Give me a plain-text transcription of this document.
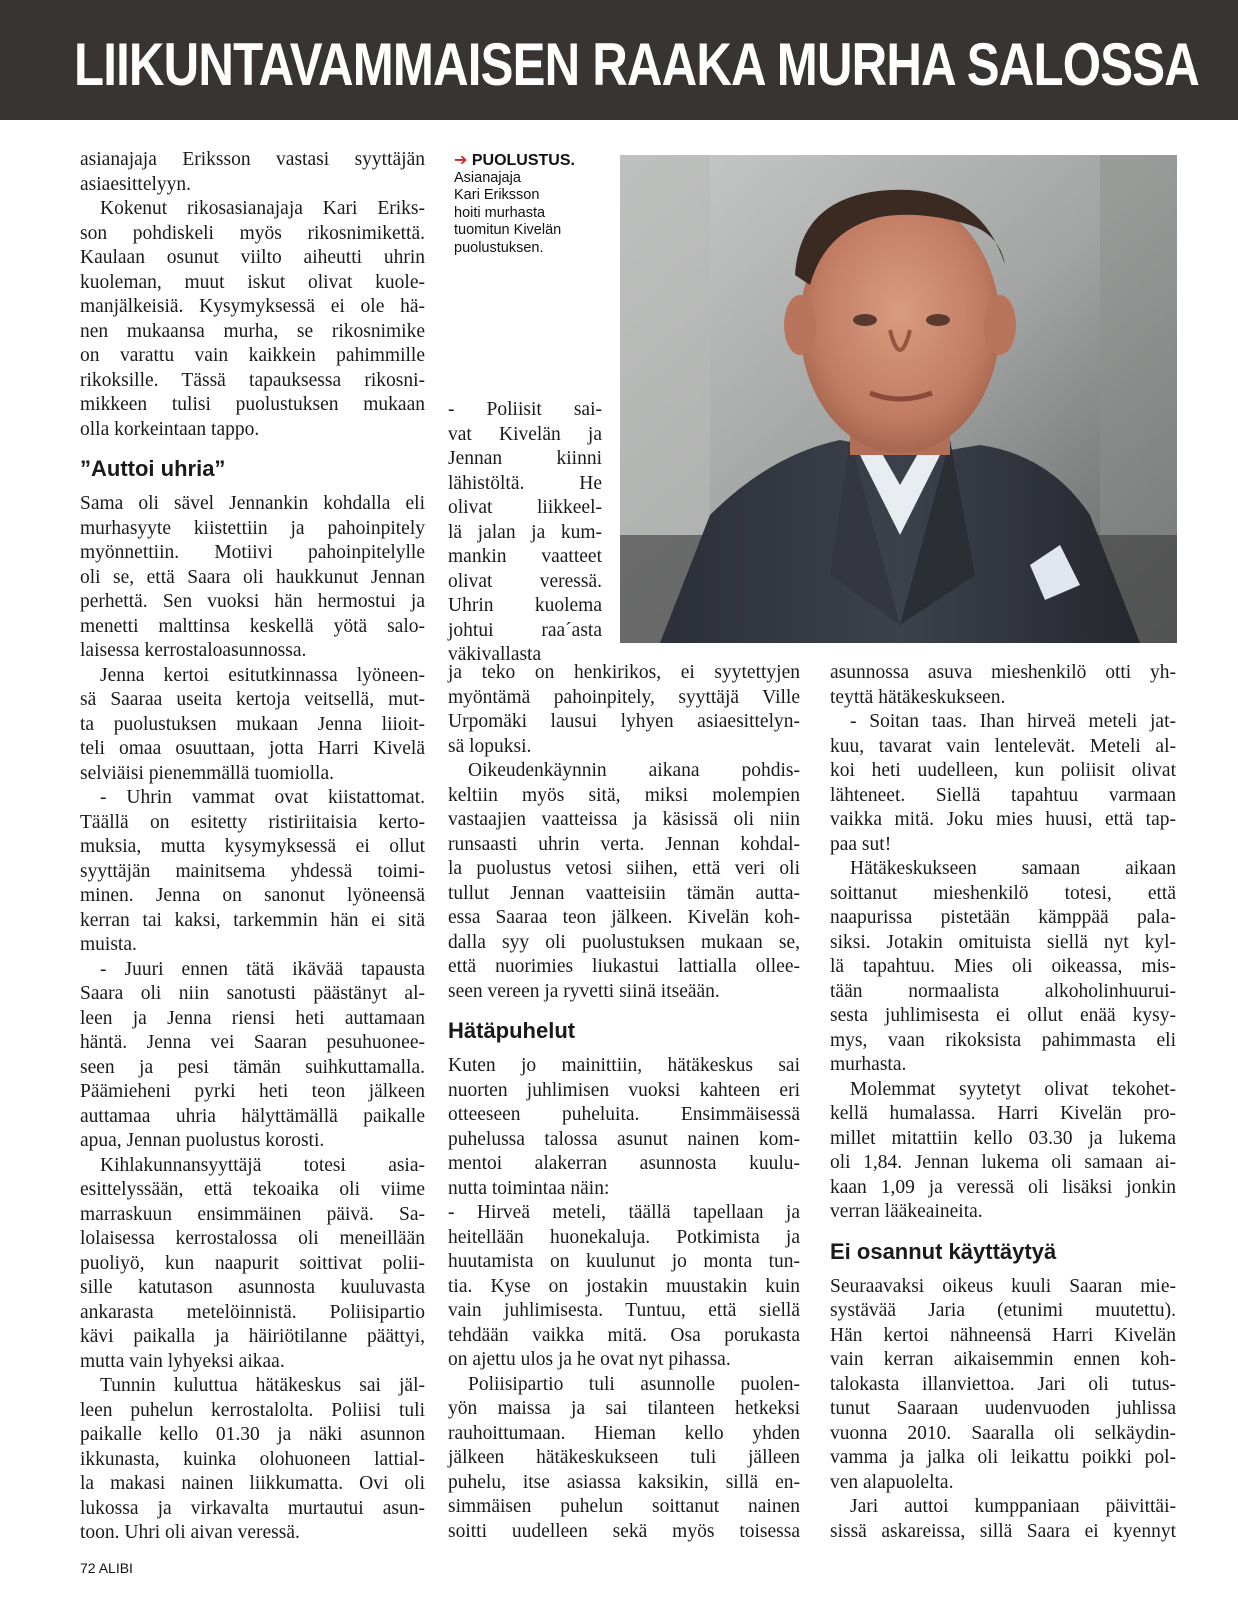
LIIKUNTAVAMMAISEN RAAKA MURHA SALOSSA
asianajaja Eriksson vastasi syyttäjän
asiaesittelyyn.
Kokenut rikosasianajaja Kari Eriks-
son pohdiskeli myös rikosnimikettä.
Kaulaan osunut viilto aiheutti uhrin
kuoleman, muut iskut olivat kuole-
manjälkeisiä. Kysymyksessä ei ole hä-
nen mukaansa murha, se rikosnimike
on varattu vain kaikkein pahimmille
rikoksille. Tässä tapauksessa rikosni-
mikkeen tulisi puolustuksen mukaan
olla korkeintaan tappo.
”Auttoi uhria”
Sama oli sävel Jennankin kohdalla eli
murhasyyte kiistettiin ja pahoinpitely
myönnettiin. Motiivi pahoinpitelylle
oli se, että Saara oli haukkunut Jennan
perhettä. Sen vuoksi hän hermostui ja
menetti malttinsa keskellä yötä salo-
laisessa kerrostaloasunnossa.
Jenna kertoi esitutkinnassa lyöneen-
sä Saaraa useita kertoja veitsellä, mut-
ta puolustuksen mukaan Jenna liioit-
teli omaa osuuttaan, jotta Harri Kivelä
selviäisi pienemmällä tuomiolla.
- Uhrin vammat ovat kiistattomat.
Täällä on esitetty ristiriitaisia kerto-
muksia, mutta kysymyksessä ei ollut
syyttäjän mainitsema yhdessä toimi-
minen. Jenna on sanonut lyöneensä
kerran tai kaksi, tarkemmin hän ei sitä
muista.
- Juuri ennen tätä ikävää tapausta
Saara oli niin sanotusti päästänyt al-
leen ja Jenna riensi heti auttamaan
häntä. Jenna vei Saaran pesuhuonee-
seen ja pesi tämän suihkuttamalla.
Päämieheni pyrki heti teon jälkeen
auttamaa uhria hälyttämällä paikalle
apua, Jennan puolustus korosti.
Kihlakunnansyyttäjä totesi asia-
esittelyssään, että tekoaika oli viime
marraskuun ensimmäinen päivä. Sa-
lolaisessa kerrostalossa oli meneillään
puoliyö, kun naapurit soittivat polii-
sille katutason asunnosta kuuluvasta
ankarasta metelöinnistä. Poliisipartio
kävi paikalla ja häiriötilanne päättyi,
mutta vain lyhyeksi aikaa.
Tunnin kuluttua hätäkeskus sai jäl-
leen puhelun kerrostalolta. Poliisi tuli
paikalle kello 01.30 ja näki asunnon
ikkunasta, kuinka olohuoneen lattial-
la makasi nainen liikkumatta. Ovi oli
lukossa ja virkavalta murtautui asun-
toon. Uhri oli aivan veressä.
➔ PUOLUSTUS.
Asianajaja
Kari Eriksson
hoiti murhasta
tuomitun Kivelän
puolustuksen.
- Poliisit sai-
vat Kivelän ja
Jennan kiinni
lähistöltä. He
olivat liikkeel-
lä jalan ja kum-
mankin vaatteet
olivat veressä.
Uhrin kuolema
johtui raa´asta
väkivallasta
ja teko on henkirikos, ei syytettyjen
myöntämä pahoinpitely, syyttäjä Ville
Urpomäki lausui lyhyen asiaesittelyn-
sä lopuksi.
Oikeudenkäynnin aikana pohdis-
keltiin myös sitä, miksi molempien
vastaajien vaatteissa ja käsissä oli niin
runsaasti uhrin verta. Jennan kohdal-
la puolustus vetosi siihen, että veri oli
tullut Jennan vaatteisiin tämän autta-
essa Saaraa teon jälkeen. Kivelän koh-
dalla syy oli puolustuksen mukaan se,
että nuorimies liukastui lattialla ollee-
seen vereen ja ryvetti siinä itseään.
Hätäpuhelut
Kuten jo mainittiin, hätäkeskus sai
nuorten juhlimisen vuoksi kahteen eri
otteeseen puheluita. Ensimmäisessä
puhelussa talossa asunut nainen kom-
mentoi alakerran asunnosta kuulu-
nutta toimintaa näin:
- Hirveä meteli, täällä tapellaan ja
heitellään huonekaluja. Potkimista ja
huutamista on kuulunut jo monta tun-
tia. Kyse on jostakin muustakin kuin
vain juhlimisesta. Tuntuu, että siellä
tehdään vaikka mitä. Osa porukasta
on ajettu ulos ja he ovat nyt pihassa.
Poliisipartio tuli asunnolle puolen-
yön maissa ja sai tilanteen hetkeksi
rauhoittumaan. Hieman kello yhden
jälkeen hätäkeskukseen tuli jälleen
puhelu, itse asiassa kaksikin, sillä en-
simmäisen puhelun soittanut nainen
soitti uudelleen sekä myös toisessa
asunnossa asuva mieshenkilö otti yh-
teyttä hätäkeskukseen.
- Soitan taas. Ihan hirveä meteli jat-
kuu, tavarat vain lentelevät. Meteli al-
koi heti uudelleen, kun poliisit olivat
lähteneet. Siellä tapahtuu varmaan
vaikka mitä. Joku mies huusi, että tap-
paa sut!
Hätäkeskukseen samaan aikaan
soittanut mieshenkilö totesi, että
naapurissa pistetään kämppää pala-
siksi. Jotakin omituista siellä nyt kyl-
lä tapahtuu. Mies oli oikeassa, mis-
tään normaalista alkoholinhuurui-
sesta juhlimisesta ei ollut enää kysy-
mys, vaan rikoksista pahimmasta eli
murhasta.
Molemmat syytetyt olivat tekohet-
kellä humalassa. Harri Kivelän pro-
millet mitattiin kello 03.30 ja lukema
oli 1,84. Jennan lukema oli samaan ai-
kaan 1,09 ja veressä oli lisäksi jonkin
verran lääkeaineita.
Ei osannut käyttäytyä
Seuraavaksi oikeus kuuli Saaran mie-
systävää Jaria (etunimi muutettu).
Hän kertoi nähneensä Harri Kivelän
vain kerran aikaisemmin ennen koh-
talokasta illanviettoa. Jari oli tutus-
tunut Saaraan uudenvuoden juhlissa
vuonna 2010. Saaralla oli selkäydin-
vamma ja jalka oli leikattu poikki pol-
ven alapuolelta.
Jari auttoi kumppaniaan päivittäi-
sissä askareissa, sillä Saara ei kyennyt
72 ALIBI
